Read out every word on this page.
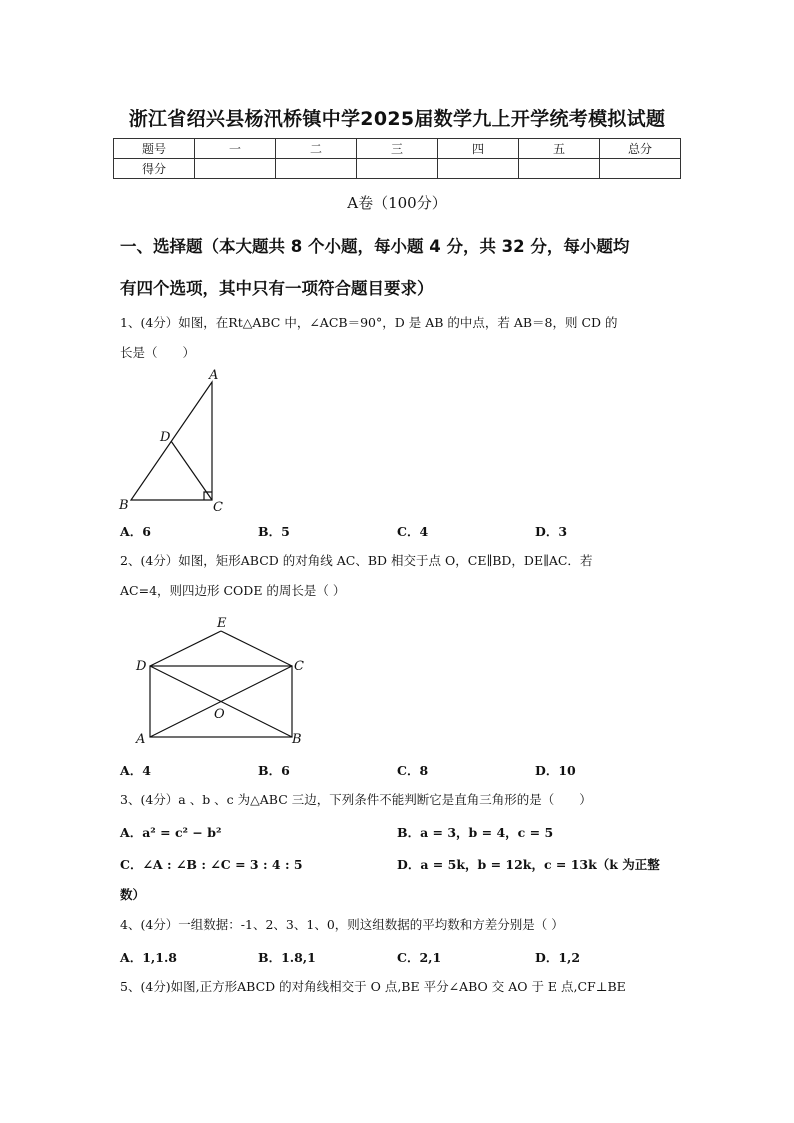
浙江省绍兴县杨汛桥镇中学2025届数学九上开学统考模拟试题
题号	一	二	三	四	五	总分
得分						
A卷（100分）
一、选择题（本大题共 8 个小题，每小题 4 分，共 32 分，每小题均
有四个选项，其中只有一项符合题目要求）
1、(4分）如图，在Rt△ABC 中，∠ACB＝90°，D 是 AB 的中点，若 AB＝8，则 CD 的
长是（　　）
A
D
B	C
A．6	B．5	C．4	D．3
2、(4分）如图，矩形ABCD 的对角线 AC、BD 相交于点 O，CE∥BD，DE∥AC．若
AC=4，则四边形 CODE 的周长是（ ）
E
D	C
O
A	B
A．4	B．6	C．8	D．10
3、(4分）a 、b 、c 为△ABC 三边，下列条件不能判断它是直角三角形的是（　　）
A．a² = c² − b²	B．a = 3，b = 4，c = 5
C．∠A : ∠B : ∠C = 3 : 4 : 5	D．a = 5k，b = 12k，c = 13k（k 为正整
数）
4、(4分）一组数据：-1、2、3、1、0，则这组数据的平均数和方差分别是（ ）
A．1,1.8	B．1.8,1	C．2,1	D．1,2
5、(4分)如图,正方形ABCD 的对角线相交于 O 点,BE 平分∠ABO 交 AO 于 E 点,CF⊥BE
